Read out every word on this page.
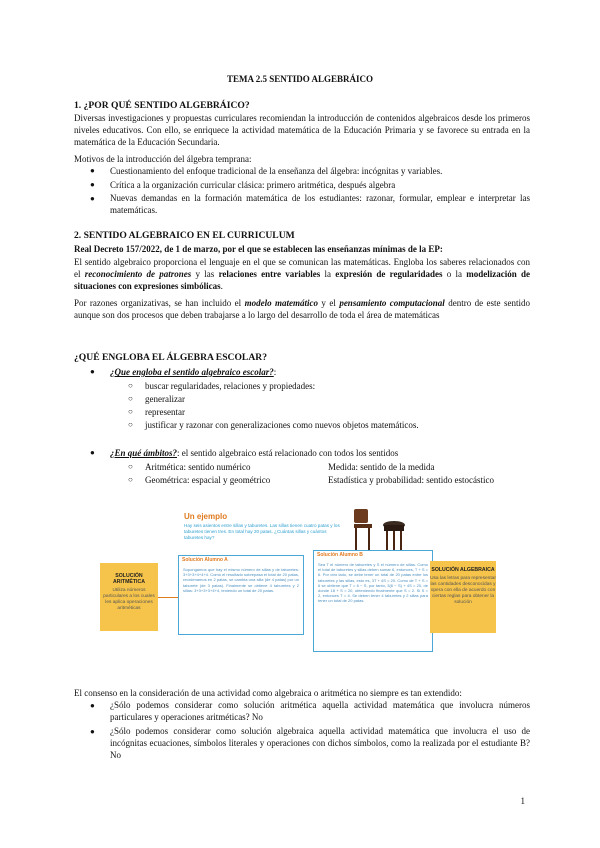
TEMA 2.5 SENTIDO ALGEBRÁICO
1. ¿POR QUÉ SENTIDO ALGEBRÁICO?
Diversas investigaciones y propuestas curriculares recomiendan la introducción de contenidos algebraicos desde los primeros niveles educativos. Con ello, se enriquece la actividad matemática de la Educación Primaria y se favorece su entrada en la matemática de la Educación Secundaria.
Motivos de la introducción del álgebra temprana:
● Cuestionamiento del enfoque tradicional de la enseñanza del álgebra: incógnitas y variables.
● Crítica a la organización curricular clásica: primero aritmética, después algebra
● Nuevas demandas en la formación matemática de los estudiantes: razonar, formular, emplear e interpretar las matemáticas.
2. SENTIDO ALGEBRAICO EN EL CURRICULUM
Real Decreto 157/2022, de 1 de marzo, por el que se establecen las enseñanzas mínimas de la EP:
El sentido algebraico proporciona el lenguaje en el que se comunican las matemáticas. Engloba los saberes relacionados con el reconocimiento de patrones y las relaciones entre variables la expresión de regularidades o la modelización de situaciones con expresiones simbólicas.
Por razones organizativas, se han incluido el modelo matemático y el pensamiento computacional dentro de este sentido aunque son dos procesos que deben trabajarse a lo largo del desarrollo de toda el área de matemáticas
¿QUÉ ENGLOBA EL ÁLGEBRA ESCOLAR?
● ¿Que engloba el sentido algebraico escolar?:
○ buscar regularidades, relaciones y propiedades:
○ generalizar
○ representar
○ justificar y razonar con generalizaciones como nuevos objetos matemáticos.
● ¿En qué ámbitos?: el sentido algebraico está relacionado con todos los sentidos
○ Aritmética: sentido numérico	Medida: sentido de la medida
○ Geométrica: espacial y geométrico	Estadística y probabilidad: sentido estocástico
Un ejemplo
Hay seis asientos entre sillas y taburetes. Las sillas tienen cuatro patas y los taburetes tienen tres. En total hay 20 patas. ¿Cuántas sillas y cuántos taburetes hay?
SOLUCIÓN ARITMÉTICA
Utiliza números particulares a los cuales les aplica operaciones aritméticas
Solución Alumno A
Supongamos que hay el mismo número de sillas y de taburetes: 3+3+3+4+4+4. Como el resultado sobrepasa el total de 20 patas, reordenamos en 2 patas, se cambia una silla (de 4 patas) por un taburete (de 3 patas). Finalmente se obtiene 4 taburetes y 2 sillas: 3+3+3+3+4+4, teniendo un total de 20 patas.
Solución Alumno B
Sea T el número de taburetes y S el número de sillas. Como el total de taburetes y sillas deben sumar 6, entonces, T + S = 6. Por otro lado, se debe tener un total de 20 patas entre los taburetes y las sillas, esto es, 3T + 4S = 20. Como de T + S = 6 se obtiene que T = 6 − S, por tanto, 3(6 − S) + 4S = 20, de donde 18 + S = 20, obteniendo finalmente que S = 2. Si S = 2, entonces T = 4. Se deben tener 4 taburetes y 2 sillas para tener un total de 20 patas.
SOLUCIÓN ALGEBRAICA
Usa las letras para representar las cantidades desconocidas y opera con ella de acuerdo con ciertas reglas para obtener la solución
El consenso en la consideración de una actividad como algebraica o aritmética no siempre es tan extendido:
● ¿Sólo podemos considerar como solución aritmética aquella actividad matemática que involucra números particulares y operaciones aritméticas? No
● ¿Sólo podemos considerar como solución algebraica aquella actividad matemática que involucra el uso de incógnitas ecuaciones, símbolos literales y operaciones con dichos símbolos, como la realizada por el estudiante B? No
1
